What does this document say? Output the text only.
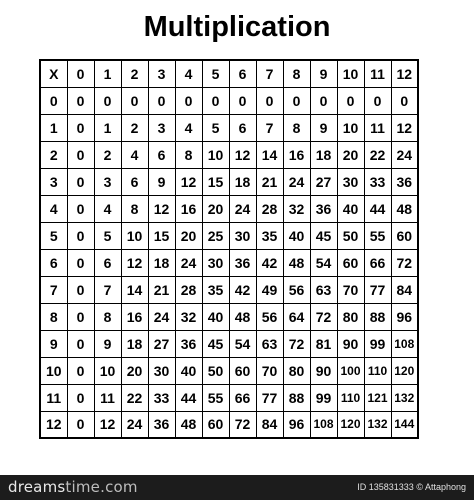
Multiplication
X	0	1	2	3	4	5	6	7	8	9	10	11	12
0	0	0	0	0	0	0	0	0	0	0	0	0	0
1	0	1	2	3	4	5	6	7	8	9	10	11	12
2	0	2	4	6	8	10	12	14	16	18	20	22	24
3	0	3	6	9	12	15	18	21	24	27	30	33	36
4	0	4	8	12	16	20	24	28	32	36	40	44	48
5	0	5	10	15	20	25	30	35	40	45	50	55	60
6	0	6	12	18	24	30	36	42	48	54	60	66	72
7	0	7	14	21	28	35	42	49	56	63	70	77	84
8	0	8	16	24	32	40	48	56	64	72	80	88	96
9	0	9	18	27	36	45	54	63	72	81	90	99	108
10	0	10	20	30	40	50	60	70	80	90	100	110	120
11	0	11	22	33	44	55	66	77	88	99	110	121	132
12	0	12	24	36	48	60	72	84	96	108	120	132	144
dreamstime.com	ID 135831333 © Attaphong
